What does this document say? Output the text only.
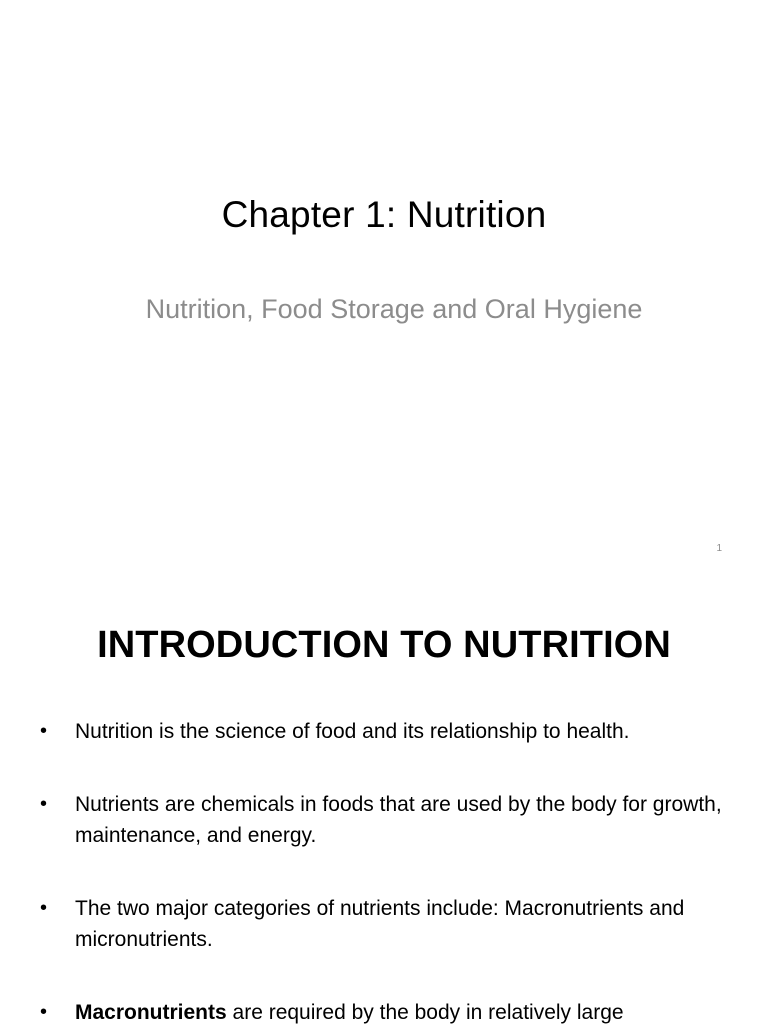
Chapter 1: Nutrition
Nutrition, Food Storage and Oral Hygiene
1
INTRODUCTION TO NUTRITION
•	Nutrition is the science of food and its relationship to health.
•	Nutrients are chemicals in foods that are used by the body for growth, maintenance, and energy.
•	The two major categories of nutrients include: Macronutrients and micronutrients.
•	Macronutrients are required by the body in relatively large
